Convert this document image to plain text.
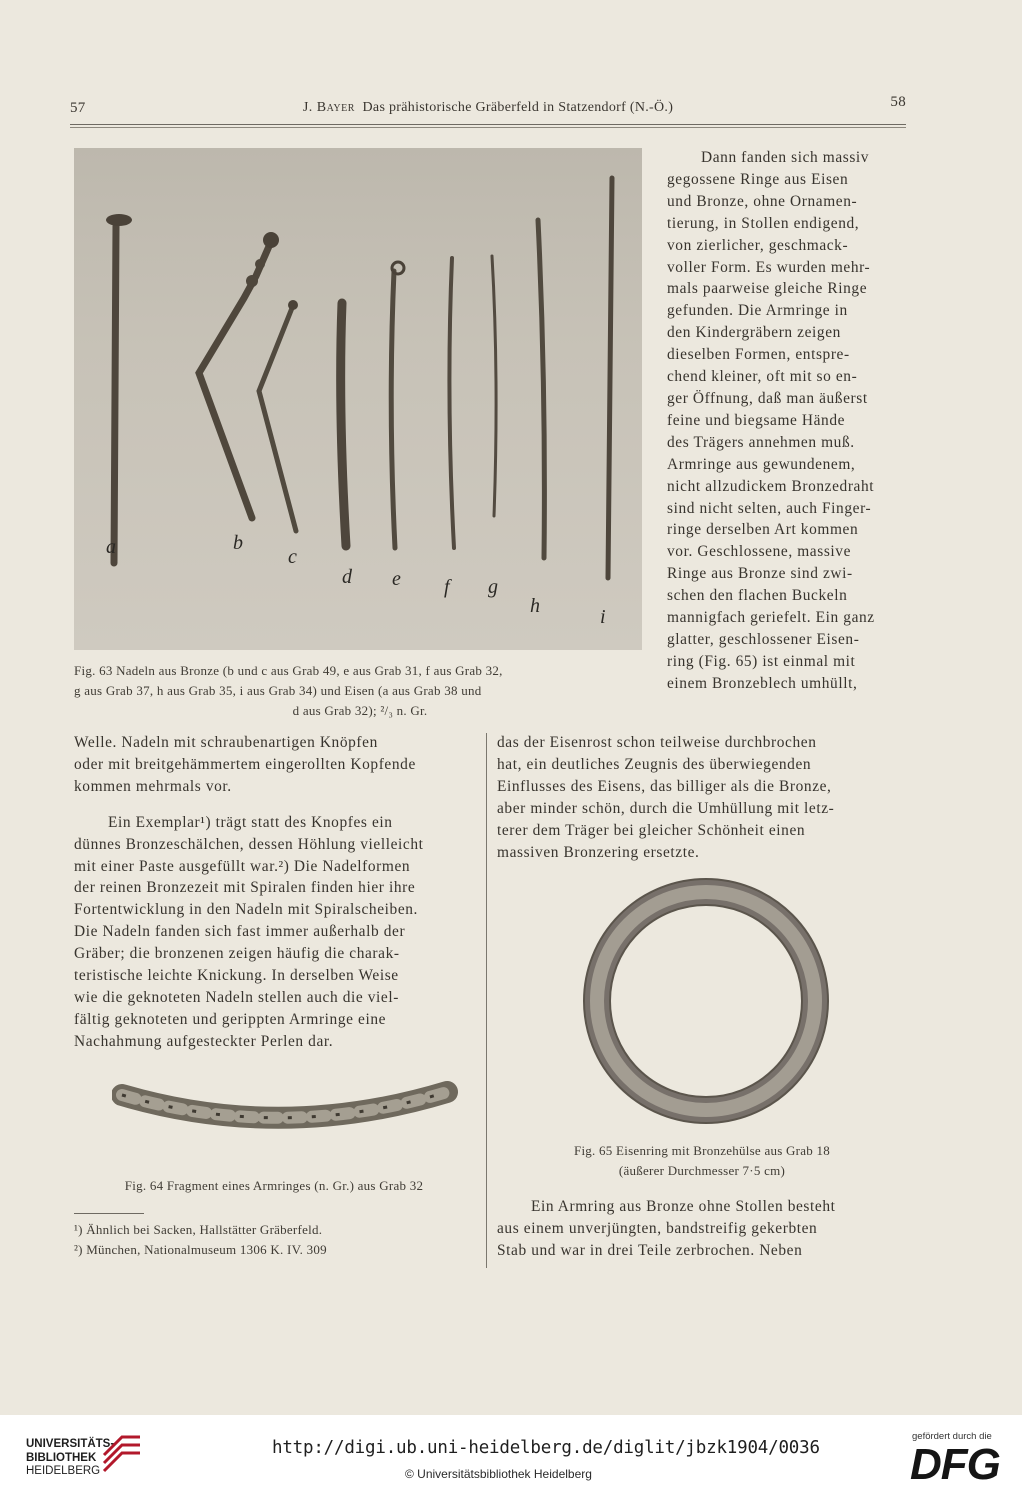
57	J. Bayer Das prähistorische Gräberfeld in Statzendorf (N.-Ö.)	58
a	b
c
d e f g
h	i
Fig. 63 Nadeln aus Bronze (b und c aus Grab 49, e aus Grab 31, f aus Grab 32,
g aus Grab 37, h aus Grab 35, i aus Grab 34) und Eisen (a aus Grab 38 und
d aus Grab 32); ²/₃ n. Gr.
Dann fanden sich massiv
gegossene Ringe aus Eisen
und Bronze, ohne Ornamen-
tierung, in Stollen endigend,
von zierlicher, geschmack-
voller Form. Es wurden mehr-
mals paarweise gleiche Ringe
gefunden. Die Armringe in
den Kindergräbern zeigen
dieselben Formen, entspre-
chend kleiner, oft mit so en-
ger Öffnung, daß man äußerst
feine und biegsame Hände
des Trägers annehmen muß.
Armringe aus gewundenem,
nicht allzudickem Bronzedraht
sind nicht selten, auch Finger-
ringe derselben Art kommen
vor. Geschlossene, massive
Ringe aus Bronze sind zwi-
schen den flachen Buckeln
mannigfach geriefelt. Ein ganz
glatter, geschlossener Eisen-
ring (Fig. 65) ist einmal mit
einem Bronzeblech umhüllt,
Welle. Nadeln mit schraubenartigen Knöpfen
oder mit breitgehämmertem eingerollten Kopfende
kommen mehrmals vor.
Ein Exemplar¹) trägt statt des Knopfes ein
dünnes Bronzeschälchen, dessen Höhlung vielleicht
mit einer Paste ausgefüllt war.²) Die Nadelformen
der reinen Bronzezeit mit Spiralen finden hier ihre
Fortentwicklung in den Nadeln mit Spiralscheiben.
Die Nadeln fanden sich fast immer außerhalb der
Gräber; die bronzenen zeigen häufig die charak-
teristische leichte Knickung. In derselben Weise
wie die geknoteten Nadeln stellen auch die viel-
fältig geknoteten und gerippten Armringe eine
Nachahmung aufgesteckter Perlen dar.
das der Eisenrost schon teilweise durchbrochen
hat, ein deutliches Zeugnis des überwiegenden
Einflusses des Eisens, das billiger als die Bronze,
aber minder schön, durch die Umhüllung mit letz-
terer dem Träger bei gleicher Schönheit einen
massiven Bronzering ersetzte.
Fig. 64 Fragment eines Armringes (n. Gr.) aus Grab 32
¹) Ähnlich bei Sacken, Hallstätter Gräberfeld.
²) München, Nationalmuseum 1306 K. IV. 309
Fig. 65 Eisenring mit Bronzehülse aus Grab 18
(äußerer Durchmesser 7·5 cm)
Ein Armring aus Bronze ohne Stollen besteht
aus einem unverjüngten, bandstreifig gekerbten
Stab und war in drei Teile zerbrochen. Neben
UNIVERSITÄTS-
BIBLIOTHEK
HEIDELBERG
http://digi.ub.uni-heidelberg.de/diglit/jbzk1904/0036
© Universitätsbibliothek Heidelberg
gefördert durch die
DFG
